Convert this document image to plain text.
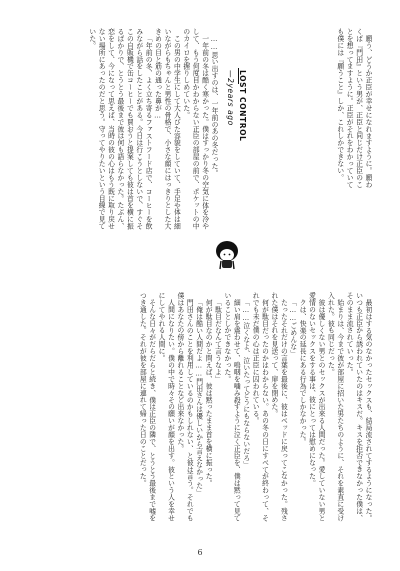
願う、どうか正臣が幸せになれますように。願わくば『門田』という男が、正臣と同じだけ正臣のことを想ってますように。正臣がそれをわかっていても僕には『願うこと』しか、これしかできない。

LOST CONTROL
—2years ago

……思い出すのは、一年前のあの冬だった。

一年前の冬は酷く寒かった。僕はすっかり冬の空気に体を冷やして、もう何度目かわからない正臣の部屋の前で、ポケットの中のカイロを握りしめていた。

この男の中学生にして大人びた容貌をしていて、手足や体は細いながらもちゃんと男性の骨格で、小さな顔にはっきりとした大きめの目と筋の通った鼻が…

「年前の冬、よく立ち寄るファストフード店で、コーヒーを飲みながら話をしたことがある。今日は行こうとしないで、すぐそこの自販機で缶コーヒーでも買おうと提案しても彼は首を横に振るばかりで、とうとう最後まで彼は何も語らなかった。たぶん、恋をして、今になって思えば、当時の彼の心はもう既に取り戻せない場所にあったのだと思う。守ってやりたいという目線で見ていた。

最初はする気のなかったセックスも、結局流されてするようになった。いつも正臣から誘われていたのはキスだ。キスを拒否できなかった僕は、そのまま流されていった。

始まりは、今まで彼が部屋に招いた男たちのように、それを素直に受け入れた。彼も同じだった。

彼は優しくない男とのセックスが出来る人間だった。愛していない男と愛情のないセックスをする事は、彼にとっては慰めになった。

クは、快楽の延長にある行為でしかなかった。

「……ごめんな」

たったそれだけの言葉を最後に、彼はベッドに戻ってこなかった。残された僕はそれを見送って、扉を閉めた。

何が駄目だったのかはわからない。あの冬の日にすべてが終わって、それでも未だ僕の心は正臣に囚われている。

「……泣くなよ、泣いたってどうにもならないだろ」

細い肩を震わせて、嗚咽を噛み殺すように泣く正臣を、僕は黙って見ていることしかできなかった。

「駄目だなんて言うなよ」

何が駄目なのかと問えば、彼は黙ったまま首を横に振った。

「俺は酷い人間だよ……門田さんは優しいから言えなかった」

門田さんのことを利用しているのかもしれない、と彼は言う。それでも僕はあなたの傍から離れることなど出来なかった。

人間になりたい。僕の中で時々その願いが顔を出す。彼という人を幸せにしてやれる人間に。

そんな日々がだらだらと続き、僕は正臣の隣で、とうとう最後まで嘘をつき通した。それが彼を部屋に連れて帰った日のことだった。

6
